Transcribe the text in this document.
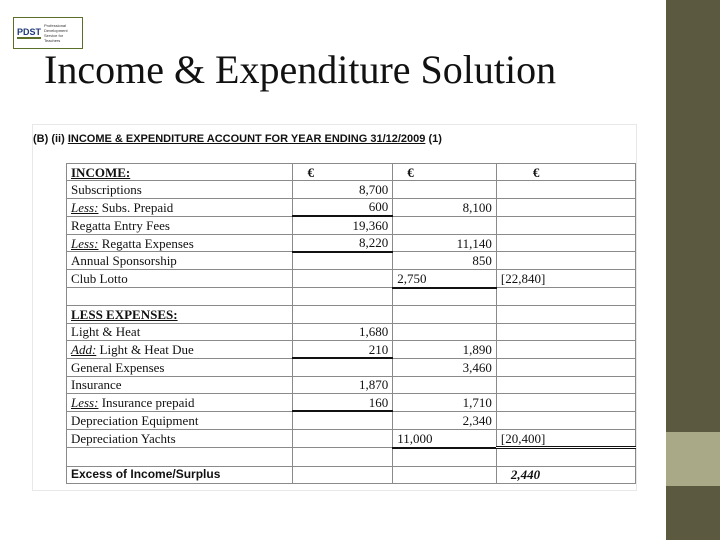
PDST
Professional Development Service for Teachers
Income & Expenditure Solution
(B) (ii) INCOME & EXPENDITURE ACCOUNT FOR YEAR ENDING 31/12/2009 (1)
INCOME:	€	€	€
Subscriptions	8,700		
Less: Subs. Prepaid	600	8,100	
Regatta Entry Fees	19,360		
Less: Regatta Expenses	8,220	11,140	
Annual Sponsorship		850	
Club Lotto		2,750	[22,840]

LESS EXPENSES:			
Light & Heat	1,680		
Add: Light & Heat Due	210	1,890	
General Expenses		3,460	
Insurance	1,870		
Less: Insurance prepaid	160	1,710	
Depreciation Equipment		2,340	
Depreciation Yachts		11,000	[20,400]

Excess of Income/Surplus			2,440
